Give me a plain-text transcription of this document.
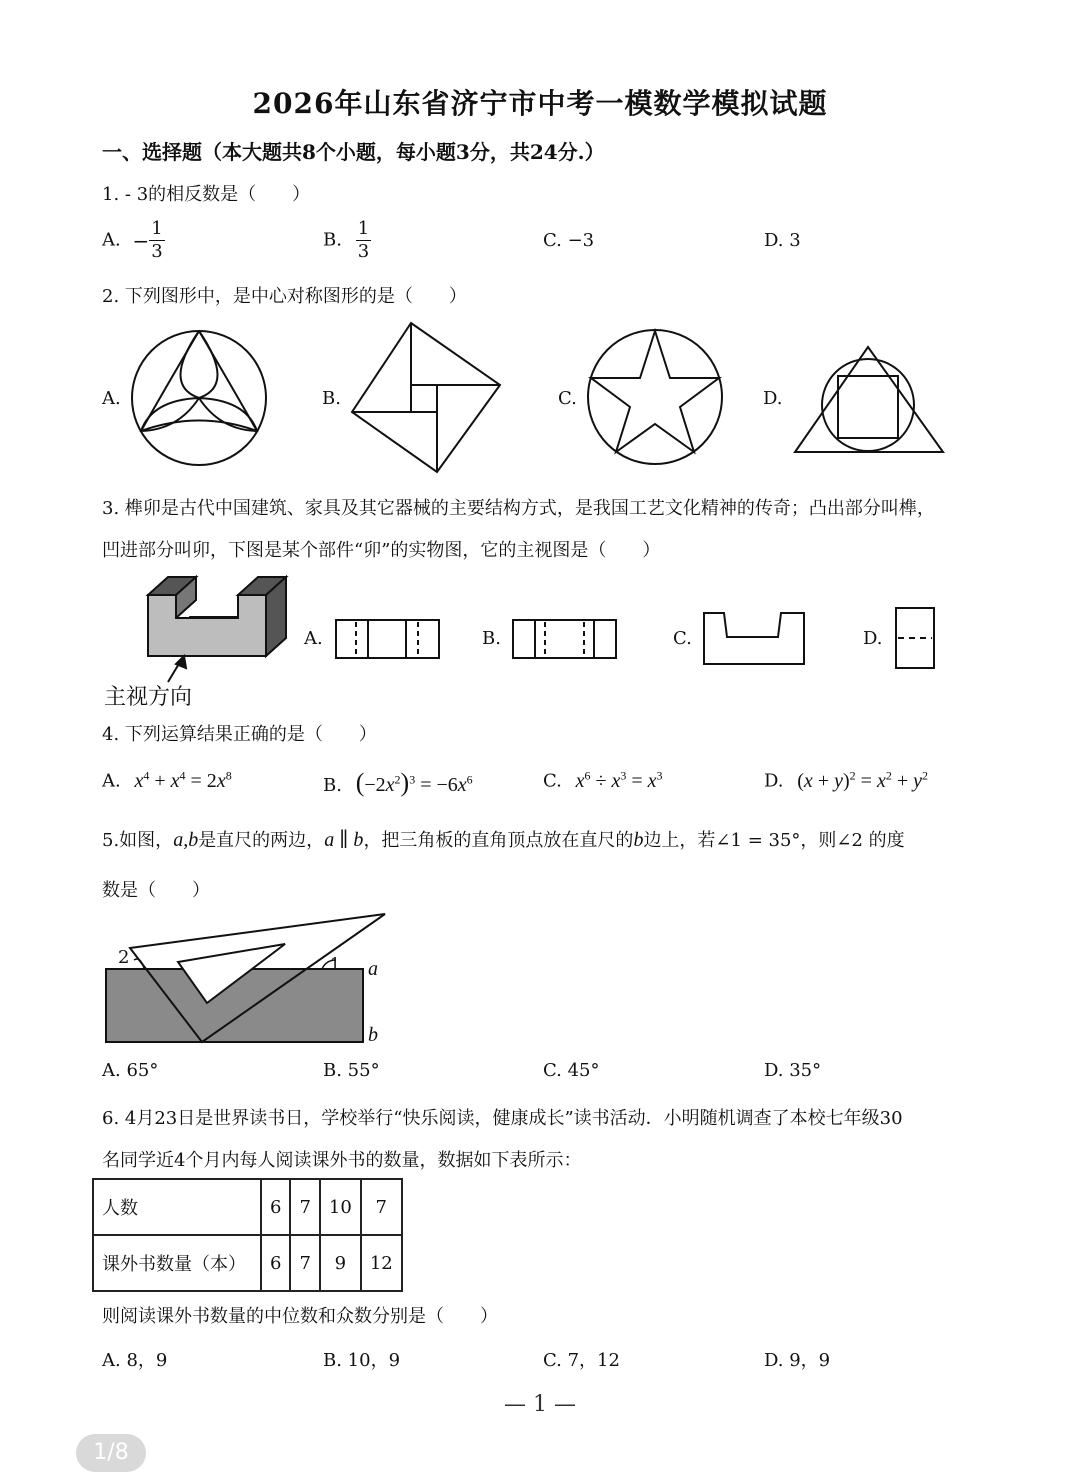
2026年山东省济宁市中考一模数学模拟试题
一、选择题（本大题共8个小题，每小题3分，共24分.）
1. - 3的相反数是（　　）
A. − $\frac{1}{3}$	B. $\frac{1}{3}$	C. −3	D. 3
2. 下列图形中，是中心对称图形的是（　　）
A.	B.	C.	D.
3. 榫卯是古代中国建筑、家具及其它器械的主要结构方式，是我国工艺文化精神的传奇；凸出部分叫榫，
凹进部分叫卯，下图是某个部件“卯”的实物图，它的主视图是（　　）
A.	B.	C.	D.
主视方向
4. 下列运算结果正确的是（　　）
A. $x^4 + x^4 = 2x^8$	B. $(-2x^2)^3 = -6x^6$	C. $x^6 \div x^3 = x^3$	D. $(x + y)^2 = x^2 + y^2$
5.如图，a,b是直尺的两边，a ∥ b，把三角板的直角顶点放在直尺的b边上，若∠1 = 35°，则∠2 的度
数是（　　）
2	1 a
b
A. 65°	B. 55°	C. 45°	D. 35°
6. 4月23日是世界读书日，学校举行“快乐阅读，健康成长”读书活动．小明随机调查了本校七年级30
名同学近4个月内每人阅读课外书的数量，数据如下表所示：
人数	6	7	10	7
课外书数量（本）	6	7	9	12
则阅读课外书数量的中位数和众数分别是（　　）
A. 8，9	B. 10，9	C. 7，12	D. 9，9
— 1 —
1/8
